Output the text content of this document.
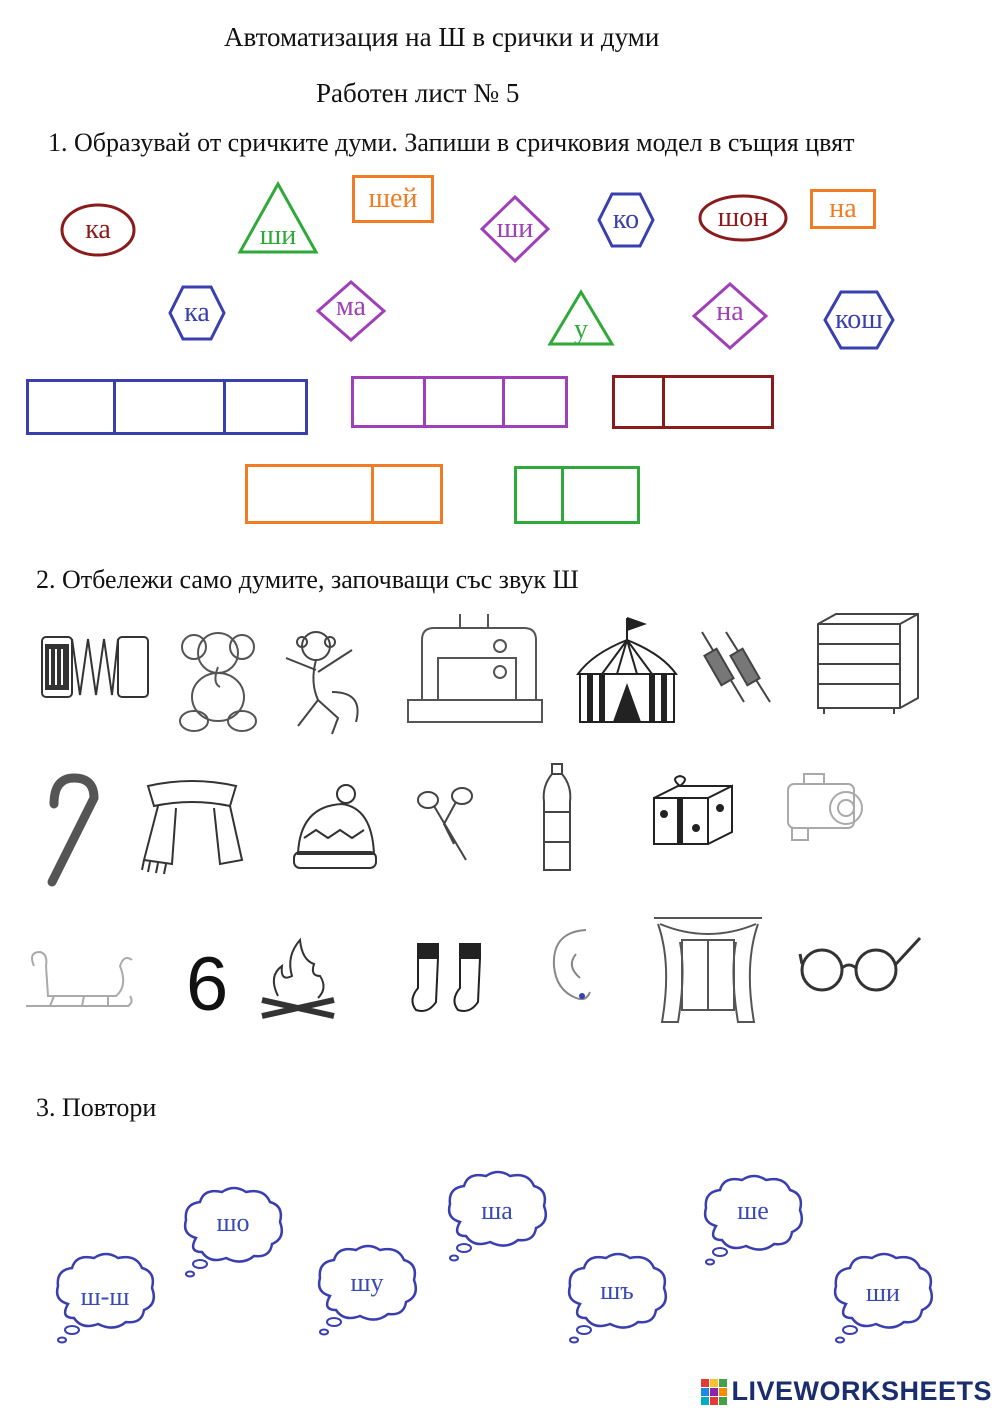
Автоматизация на Ш в срички и думи
Работен лист № 5
1. Образувай от сричките думи. Запиши в сричковия модел в същия цвят
ка	ши
шей
ши	ко	шон на
ка	ма
у
на	кош
2. Отбележи само думите, започващи със звук Ш
6
3. Повтори
ш-ш
шо
шу
ша
шъ
ше
ши
LIVEWORKSHEETS
